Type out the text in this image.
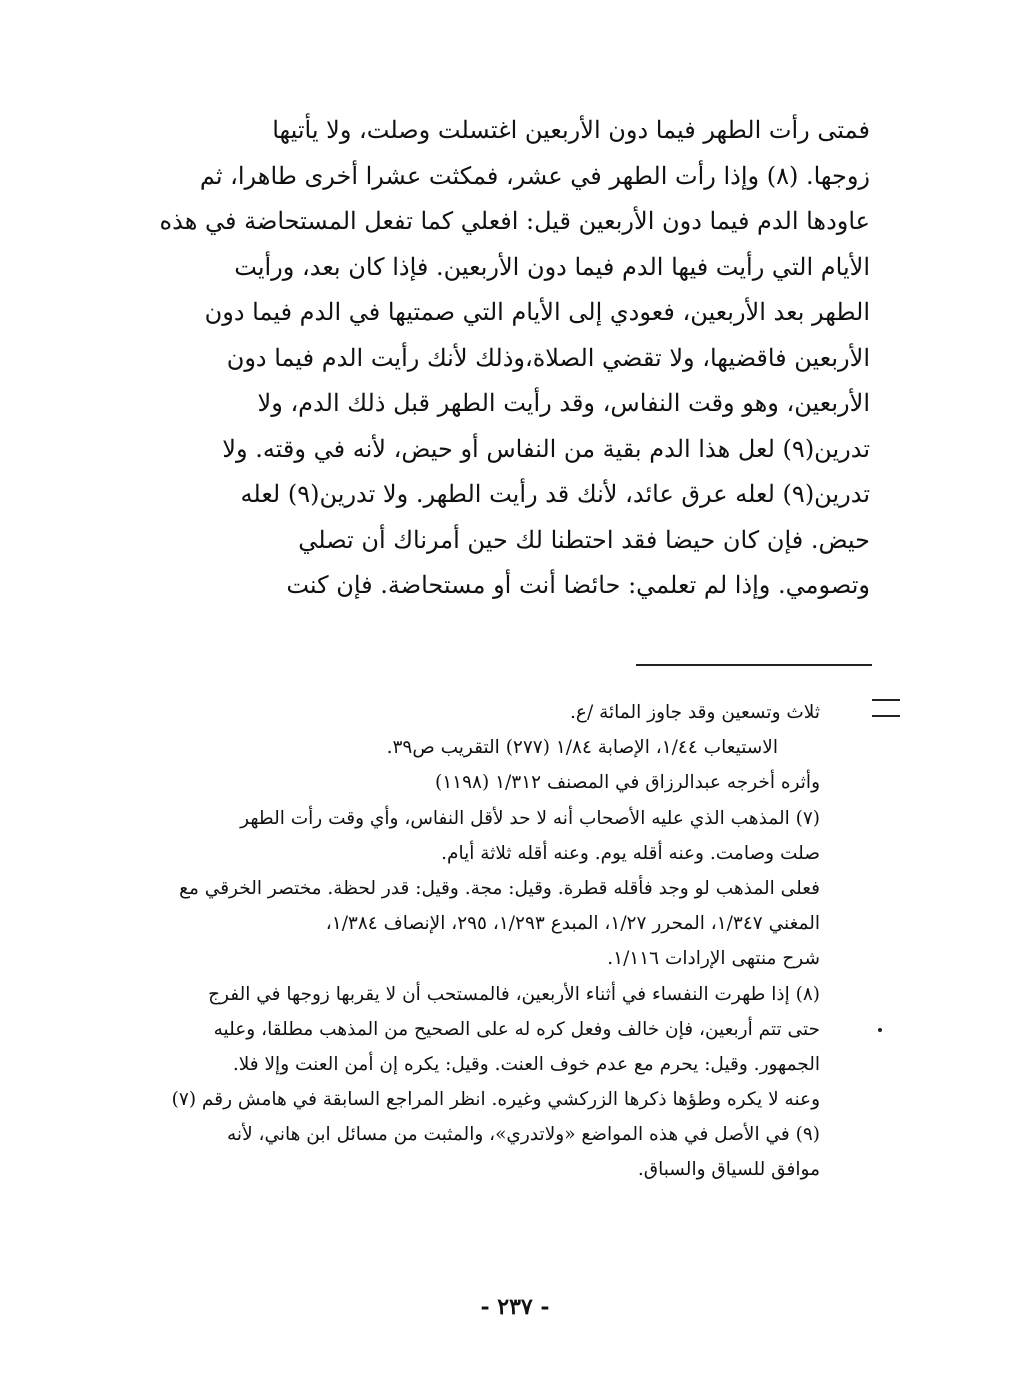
فمتى رأت الطهر فيما دون الأربعين اغتسلت وصلت، ولا يأتيها
زوجها. (٨) وإذا رأت الطهر في عشر، فمكثت عشرا أخرى طاهرا، ثم
عاودها الدم فيما دون الأربعين قيل: افعلي كما تفعل المستحاضة في هذه
الأيام التي رأيت فيها الدم فيما دون الأربعين. فإذا كان بعد، ورأيت
الطهر بعد الأربعين، فعودي إلى الأيام التي صمتيها في الدم فيما دون
الأربعين فاقضيها، ولا تقضي الصلاة،وذلك لأنك رأيت الدم فيما دون
الأربعين، وهو وقت النفاس، وقد رأيت الطهر قبل ذلك الدم، ولا
تدرين(٩) لعل هذا الدم بقية من النفاس أو حيض، لأنه في وقته. ولا
تدرين(٩) لعله عرق عائد، لأنك قد رأيت الطهر. ولا تدرين(٩) لعله
حيض. فإن كان حيضا فقد احتطنا لك حين أمرناك أن تصلي
وتصومي. وإذا لم تعلمي: حائضا أنت أو مستحاضة. فإن كنت
ثلاث وتسعين وقد جاوز المائة /ع.
الاستيعاب ١/٤٤، الإصابة ١/٨٤ (٢٧٧) التقريب ص٣٩.
وأثره أخرجه عبدالرزاق في المصنف ١/٣١٢ (١١٩٨)
(٧) المذهب الذي عليه الأصحاب أنه لا حد لأقل النفاس، وأي وقت رأت الطهر
صلت وصامت. وعنه أقله يوم. وعنه أقله ثلاثة أيام.
فعلى المذهب لو وجد فأقله قطرة. وقيل: مجة. وقيل: قدر لحظة. مختصر الخرقي مع
المغني ١/٣٤٧، المحرر ١/٢٧، المبدع ١/٢٩٣، ٢٩٥، الإنصاف ١/٣٨٤،
شرح منتهى الإرادات ١/١١٦.
(٨) إذا طهرت النفساء في أثناء الأربعين، فالمستحب أن لا يقربها زوجها في الفرج
حتى تتم أربعين، فإن خالف وفعل كره له على الصحيح من المذهب مطلقا، وعليه
الجمهور. وقيل: يحرم مع عدم خوف العنت. وقيل: يكره إن أمن العنت وإلا فلا.
وعنه لا يكره وطؤها ذكرها الزركشي وغيره. انظر المراجع السابقة في هامش رقم (٧)
(٩) في الأصل في هذه المواضع «ولاتدري»، والمثبت من مسائل ابن هاني، لأنه
موافق للسياق والسباق.
- ٢٣٧ -
